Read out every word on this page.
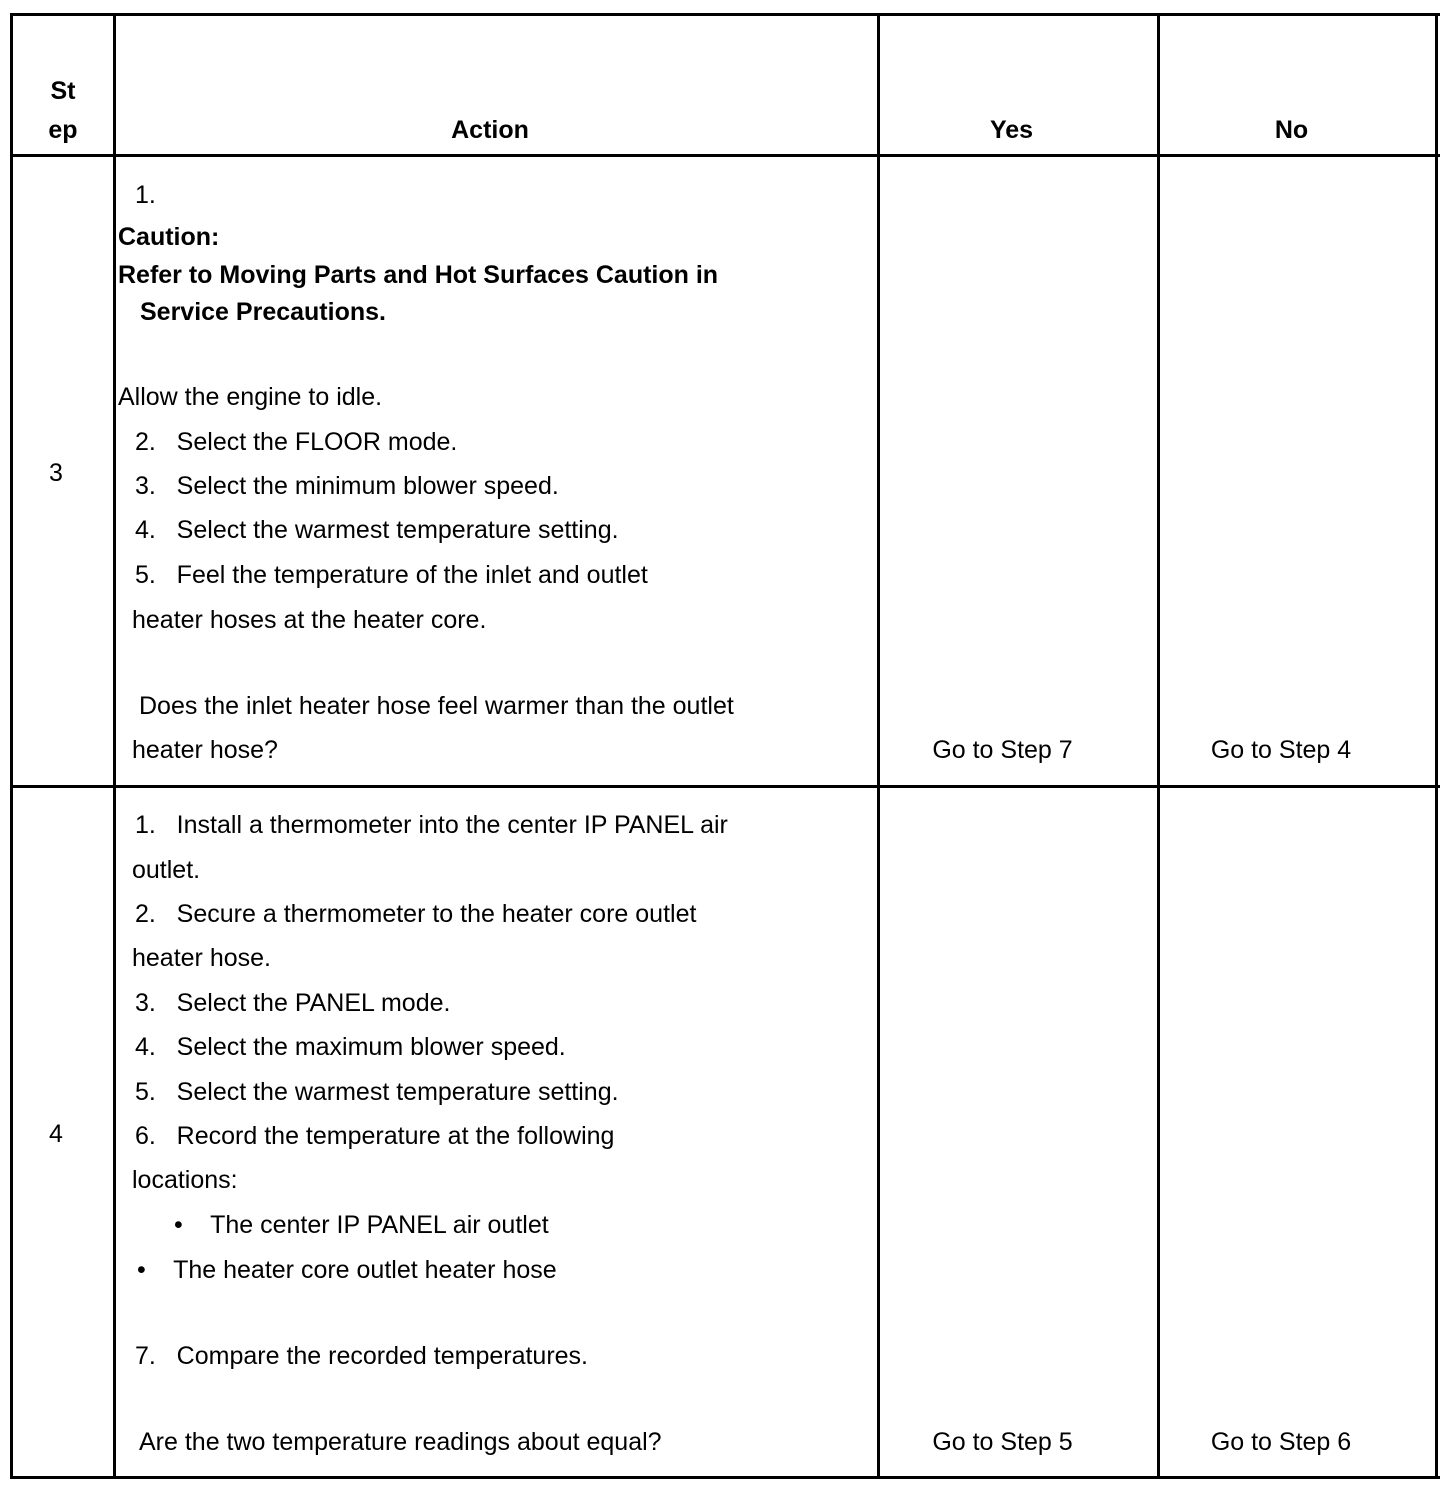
St
ep	Action	Yes	No
3
1.
Caution:
Refer to Moving Parts and Hot Surfaces Caution in
Service Precautions.
Allow the engine to idle.
2.   Select the FLOOR mode.
3.   Select the minimum blower speed.
4.   Select the warmest temperature setting.
5.   Feel the temperature of the inlet and outlet
heater hoses at the heater core.
Does the inlet heater hose feel warmer than the outlet
heater hose?	Go to Step 7	Go to Step 4
4
1.   Install a thermometer into the center IP PANEL air
outlet.
2.   Secure a thermometer to the heater core outlet
heater hose.
3.   Select the PANEL mode.
4.   Select the maximum blower speed.
5.   Select the warmest temperature setting.
6.   Record the temperature at the following
locations:
•    The center IP PANEL air outlet
•    The heater core outlet heater hose
7.   Compare the recorded temperatures.
Are the two temperature readings about equal?	Go to Step 5	Go to Step 6
